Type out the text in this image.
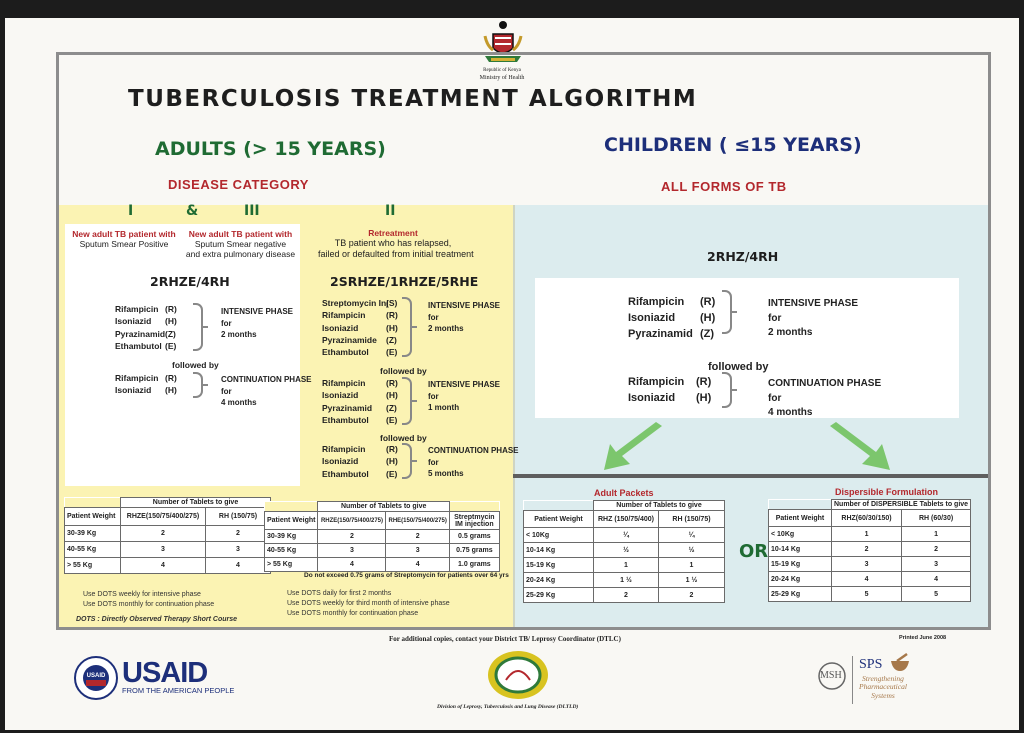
Republic of Kenya
Ministry of Health
TUBERCULOSIS TREATMENT ALGORITHM
ADULTS (> 15 YEARS)	CHILDREN ( ≤15 YEARS)
DISEASE CATEGORY	ALL FORMS OF TB
I	&	III	II
New adult TB patient with
Sputum Smear Positive
New adult TB patient with
Sputum Smear negative
and extra pulmonary disease
2RHZE/4RH
Rifampicin (R)
Isoniazid (H)
Pyrazinamid(Z)
Ethambutol (E)
INTENSIVE PHASE
for
2 months
followed by
Rifampicin (R)
Isoniazid (H)
CONTINUATION PHASE
for
4 months
Retreatment
TB patient who has relapsed,
failed or defaulted from initial treatment
2SRHZE/1RHZE/5RHE
Streptomycin Inj(S)
Rifampicin (R)
Isoniazid	(H)
Pyrazinamide (Z)
Ethambutol (E)
INTENSIVE PHASE
for
2 months
followed by
Rifampicin (R)
Isoniazid	(H)
Pyrazinamid (Z)
Ethambutol (E)
INTENSIVE PHASE
for
1 month
followed by
Rifampicin (R)
Isoniazid	(H)
Ethambutol (E)
CONTINUATION PHASE
for
5 months
	Number of Tablets to give	
Patient Weight	RHZE(150/75/400/275)	RH (150/75)
30-39 Kg	2	2
40-55 Kg	3	3
> 55 Kg	4	4
	Number of Tablets to give		
Patient Weight	RHZE(150/75/400/275)	RHE(150/75/400/275)	Streptmycin IM injection
30-39 Kg	2	2	0.5 grams
40-55 Kg	3	3	0.75 grams
> 55 Kg	4	4	1.0 grams
Do not exceed 0.75 grams of Streptomycin for patients over 64 yrs
Use DOTS weekly for intensive phase
Use DOTS monthly for continuation phase
DOTS : Directly Observed Therapy Short Course
Use DOTS daily for first 2 months
Use DOTS weekly for third month of intensive phase
Use DOTS monthly for continuation phase
2RHZ/4RH
Rifampicin (R)
Isoniazid (H)
Pyrazinamid (Z)
INTENSIVE PHASE
for
2 months
followed by
Rifampicin (R)
Isoniazid (H)
CONTINUATION PHASE
for
4 months
Adult Packets
	Number of Tablets to give	
Patient Weight	RHZ (150/75/400)	RH (150/75)
< 10Kg	¼	¼
10-14 Kg	½	½
15-19 Kg	1	1
20-24 Kg	1 ½	1 ½
25-29 Kg	2	2
OR
Dispersible Formulation
	Number of DISPERSIBLE Tablets to give	
Patient Weight	RHZ(60/30/150)	RH (60/30)
< 10Kg	1	1
10-14 Kg	2	2
15-19 Kg	3	3
20-24 Kg	4	4
25-29 Kg	5	5
For additional copies, contact your District TB/ Leprosy Coordinator (DTLC)	Printed June 2008
USAID USAID
FROM THE AMERICAN PEOPLE
Division of Leprosy, Tuberculosis and Lung Disease (DLTLD)
MSH
SPS
Strengthening
Pharmaceutical
Systems
